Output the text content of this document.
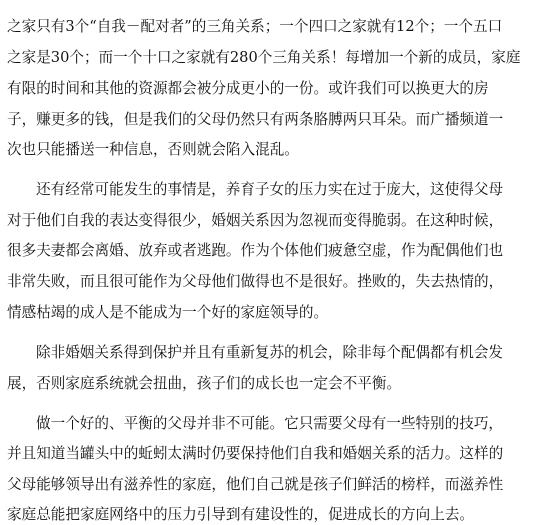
之家只有3个“自我－配对者”的三角关系；一个四口之家就有12个；一个五口
之家是30个；而一个十口之家就有280个三角关系！每增加一个新的成员，家庭
有限的时间和其他的资源都会被分成更小的一份。或许我们可以换更大的房
子，赚更多的钱，但是我们的父母仍然只有两条胳膊两只耳朵。而广播频道一
次也只能播送一种信息，否则就会陷入混乱。
还有经常可能发生的事情是，养育子女的压力实在过于庞大，这使得父母
对于他们自我的表达变得很少，婚姻关系因为忽视而变得脆弱。在这种时候，
很多夫妻都会离婚、放弃或者逃跑。作为个体他们疲惫空虚，作为配偶他们也
非常失败，而且很可能作为父母他们做得也不是很好。挫败的，失去热情的，
情感枯竭的成人是不能成为一个好的家庭领导的。
除非婚姻关系得到保护并且有重新复苏的机会，除非每个配偶都有机会发
展，否则家庭系统就会扭曲，孩子们的成长也一定会不平衡。
做一个好的、平衡的父母并非不可能。它只需要父母有一些特别的技巧，
并且知道当罐头中的蚯蚓太满时仍要保持他们自我和婚姻关系的活力。这样的
父母能够领导出有滋养性的家庭，他们自己就是孩子们鲜活的榜样，而滋养性
家庭总能把家庭网络中的压力引导到有建设性的，促进成长的方向上去。
